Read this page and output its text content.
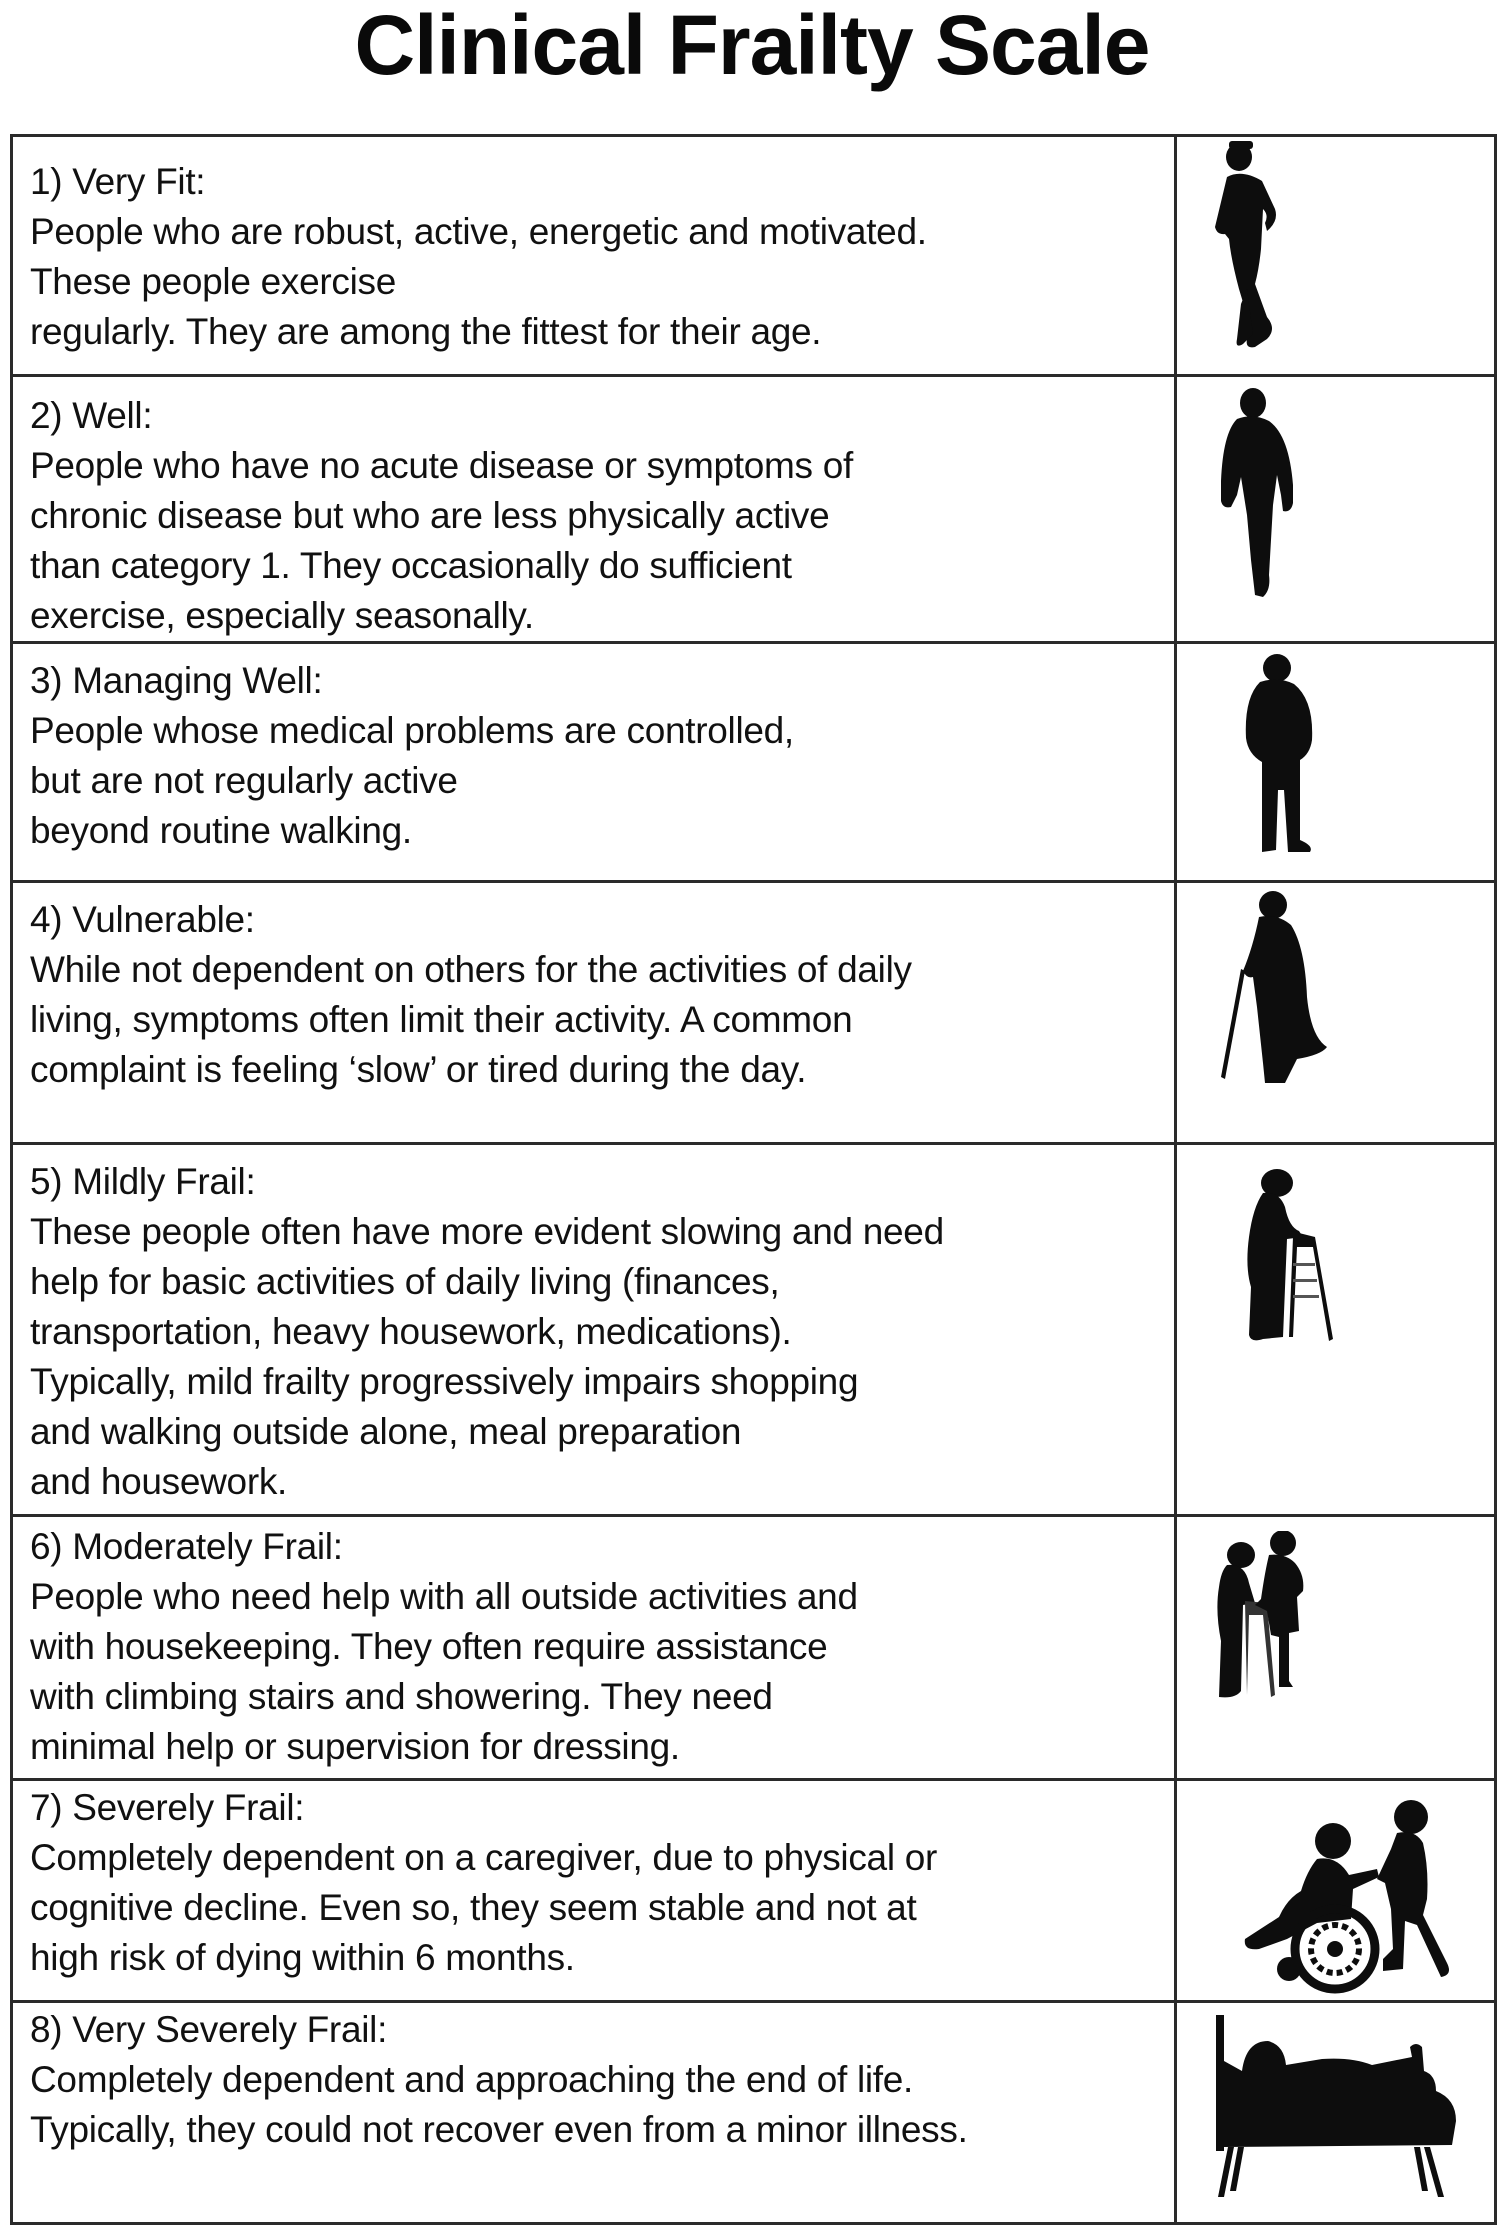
Clinical Frailty Scale
1) Very Fit:
People who are robust, active, energetic and motivated.
These people exercise
regularly. They are among the fittest for their age.
2) Well:
People who have no acute disease or symptoms of
chronic disease but who are less physically active
than category 1. They occasionally do sufficient
exercise, especially seasonally.
3) Managing Well:
People whose medical problems are controlled,
but are not regularly active
beyond routine walking.
4) Vulnerable:
While not dependent on others for the activities of daily
living, symptoms often limit their activity. A common
complaint is feeling ‘slow’ or tired during the day.
5) Mildly Frail:
These people often have more evident slowing and need
help for basic activities of daily living (finances,
transportation, heavy housework, medications).
Typically, mild frailty progressively impairs shopping
and walking outside alone, meal preparation
and housework.
6) Moderately Frail:
People who need help with all outside activities and
with housekeeping. They often require assistance
with climbing stairs and showering. They need
minimal help or supervision for dressing.
7) Severely Frail:
Completely dependent on a caregiver, due to physical or
cognitive decline. Even so, they seem stable and not at
high risk of dying within 6 months.
8) Very Severely Frail:
Completely dependent and approaching the end of life.
Typically, they could not recover even from a minor illness.
